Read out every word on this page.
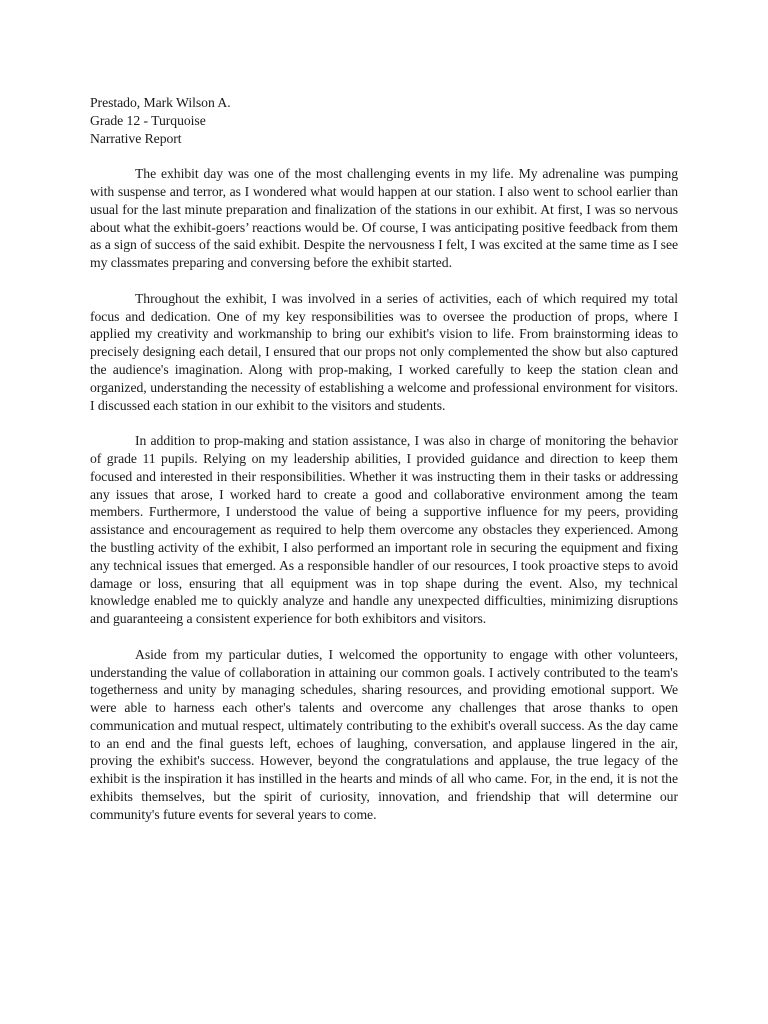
Prestado, Mark Wilson A.
Grade 12 - Turquoise
Narrative Report

The exhibit day was one of the most challenging events in my life. My adrenaline was pumping with suspense and terror, as I wondered what would happen at our station. I also went to school earlier than usual for the last minute preparation and finalization of the stations in our exhibit. At first, I was so nervous about what the exhibit-goers’ reactions would be. Of course, I was anticipating positive feedback from them as a sign of success of the said exhibit. Despite the nervousness I felt, I was excited at the same time as I see my classmates preparing and conversing before the exhibit started.

Throughout the exhibit, I was involved in a series of activities, each of which required my total focus and dedication. One of my key responsibilities was to oversee the production of props, where I applied my creativity and workmanship to bring our exhibit's vision to life. From brainstorming ideas to precisely designing each detail, I ensured that our props not only complemented the show but also captured the audience's imagination. Along with prop-making, I worked carefully to keep the station clean and organized, understanding the necessity of establishing a welcome and professional environment for visitors. I discussed each station in our exhibit to the visitors and students.

In addition to prop-making and station assistance, I was also in charge of monitoring the behavior of grade 11 pupils. Relying on my leadership abilities, I provided guidance and direction to keep them focused and interested in their responsibilities. Whether it was instructing them in their tasks or addressing any issues that arose, I worked hard to create a good and collaborative environment among the team members. Furthermore, I understood the value of being a supportive influence for my peers, providing assistance and encouragement as required to help them overcome any obstacles they experienced. Among the bustling activity of the exhibit, I also performed an important role in securing the equipment and fixing any technical issues that emerged. As a responsible handler of our resources, I took proactive steps to avoid damage or loss, ensuring that all equipment was in top shape during the event. Also, my technical knowledge enabled me to quickly analyze and handle any unexpected difficulties, minimizing disruptions and guaranteeing a consistent experience for both exhibitors and visitors.

Aside from my particular duties, I welcomed the opportunity to engage with other volunteers, understanding the value of collaboration in attaining our common goals. I actively contributed to the team's togetherness and unity by managing schedules, sharing resources, and providing emotional support. We were able to harness each other's talents and overcome any challenges that arose thanks to open communication and mutual respect, ultimately contributing to the exhibit's overall success. As the day came to an end and the final guests left, echoes of laughing, conversation, and applause lingered in the air, proving the exhibit's success. However, beyond the congratulations and applause, the true legacy of the exhibit is the inspiration it has instilled in the hearts and minds of all who came. For, in the end, it is not the exhibits themselves, but the spirit of curiosity, innovation, and friendship that will determine our community's future events for several years to come.
